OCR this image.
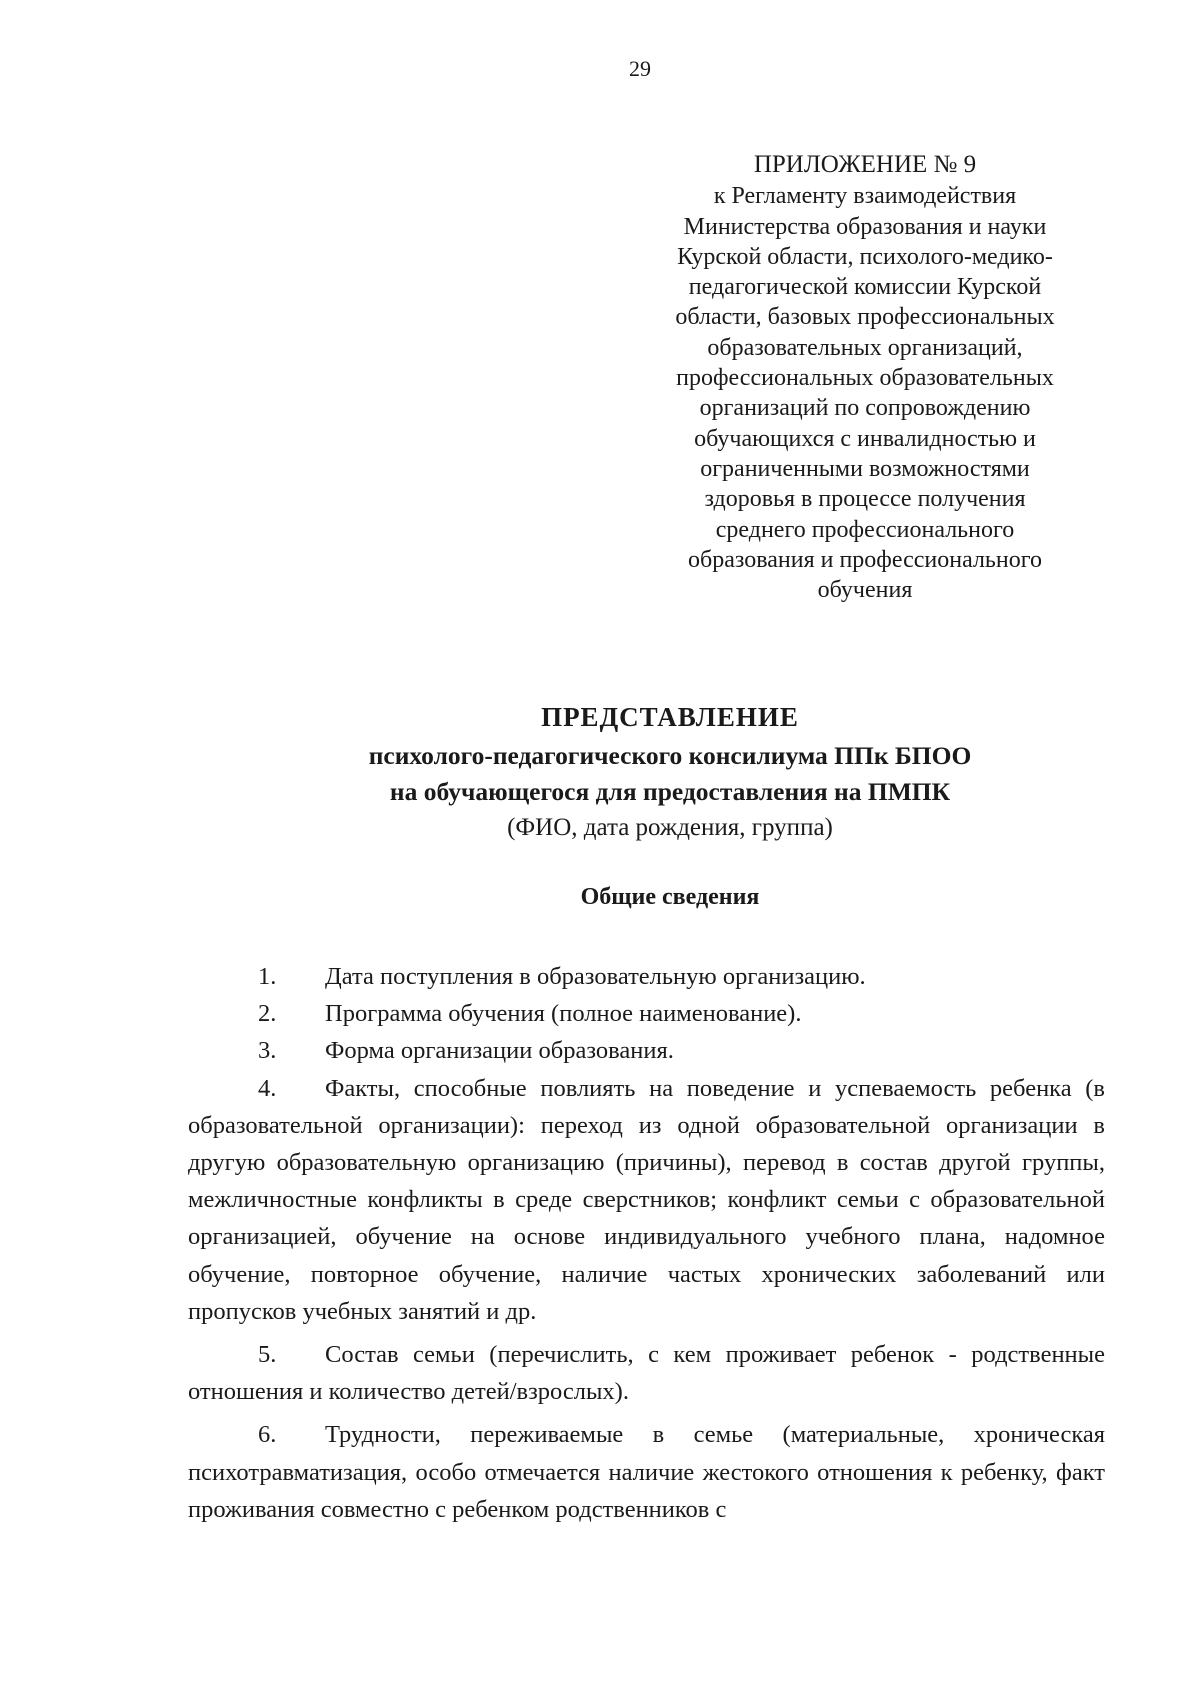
29
ПРИЛОЖЕНИЕ № 9
к Регламенту взаимодействия
Министерства образования и науки
Курской области, психолого-медико-
педагогической комиссии Курской
области, базовых профессиональных
образовательных организаций,
профессиональных образовательных
организаций по сопровождению
обучающихся с инвалидностью и
ограниченными возможностями
здоровья в процессе получения
среднего профессионального
образования и профессионального
обучения

ПРЕДСТАВЛЕНИЕ

психолого-педагогического консилиума ППк БПОО

на обучающегося для предоставления на ПМПК

(ФИО, дата рождения, группа)

Общие сведения

1. Дата поступления в образовательную организацию.

2. Программа обучения (полное наименование).

3. Форма организации образования.

4. Факты, способные повлиять на поведение и успеваемость ребенка (в образовательной организации): переход из одной образовательной организации в другую образовательную организацию (причины), перевод в состав другой группы, межличностные конфликты в среде сверстников; конфликт семьи с образовательной организацией, обучение на основе индивидуального учебного плана, надомное обучение, повторное обучение, наличие частых хронических заболеваний или пропусков учебных занятий и др.

5. Состав семьи (перечислить, с кем проживает ребенок - родственные отношения и количество детей/взрослых).

6. Трудности, переживаемые в семье (материальные, хроническая психотравматизация, особо отмечается наличие жестокого отношения к ребенку, факт проживания совместно с ребенком родственников с
